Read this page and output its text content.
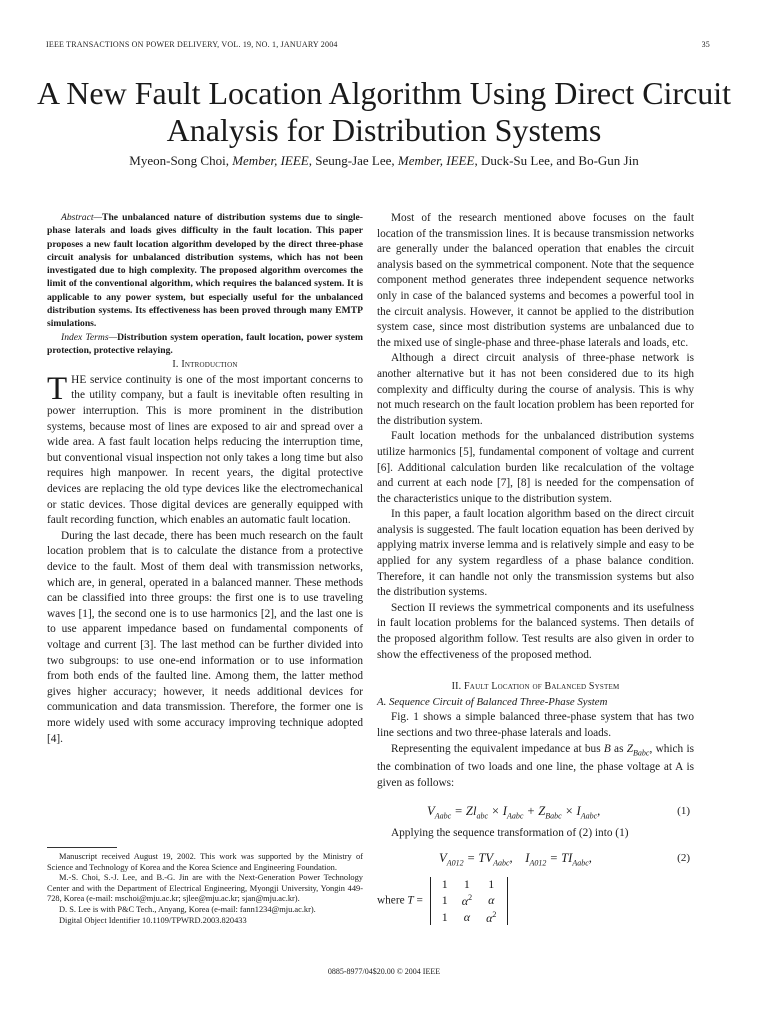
IEEE TRANSACTIONS ON POWER DELIVERY, VOL. 19, NO. 1, JANUARY 2004	35
A New Fault Location Algorithm Using Direct Circuit Analysis for Distribution Systems
Myeon-Song Choi, Member, IEEE, Seung-Jae Lee, Member, IEEE, Duck-Su Lee, and Bo-Gun Jin

Abstract—The unbalanced nature of distribution systems due to single-phase laterals and loads gives difficulty in the fault location. This paper proposes a new fault location algorithm developed by the direct three-phase circuit analysis for unbalanced distribution systems, which has not been investigated due to high complexity. The proposed algorithm overcomes the limit of the conventional algorithm, which requires the balanced system. It is applicable to any power system, but especially useful for the unbalanced distribution systems. Its effectiveness has been proved through many EMTP simulations.

Index Terms—Distribution system operation, fault location, power system protection, protective relaying.

I. Introduction

THE service continuity is one of the most important concerns to the utility company, but a fault is inevitable often resulting in power interruption. This is more prominent in the distribution systems, because most of lines are exposed to air and spread over a wide area. A fast fault location helps reducing the interruption time, but conventional visual inspection not only takes a long time but also requires high manpower. In recent years, the digital protective devices are replacing the old type devices like the electromechanical or static devices. Those digital devices are generally equipped with fault recording function, which enables an automatic fault location.

During the last decade, there has been much research on the fault location problem that is to calculate the distance from a protective device to the fault. Most of them deal with transmission networks, which are, in general, operated in a balanced manner. These methods can be classified into three groups: the first one is to use traveling waves [1], the second one is to use harmonics [2], and the last one is to use apparent impedance based on fundamental components of voltage and current [3]. The last method can be further divided into two subgroups: to use one-end information or to use information from both ends of the faulted line. Among them, the latter method gives higher accuracy; however, it needs additional devices for communication and data transmission. Therefore, the former one is more widely used with some accuracy improving technique adopted [4].

Manuscript received August 19, 2002. This work was supported by the Ministry of Science and Technology of Korea and the Korea Science and Engineering Foundation.

M.-S. Choi, S.-J. Lee, and B.-G. Jin are with the Next-Generation Power Technology Center and with the Department of Electrical Engineering, Myongji University, Yongin 449-728, Korea (e-mail: mschoi@mju.ac.kr; sjlee@mju.ac.kr; sjan@mju.ac.kr).

D. S. Lee is with P&C Tech., Anyang, Korea (e-mail: fann1234@mju.ac.kr).

Digital Object Identifier 10.1109/TPWRD.2003.820433

Most of the research mentioned above focuses on the fault location of the transmission lines. It is because transmission networks are generally under the balanced operation that enables the circuit analysis based on the symmetrical component. Note that the sequence component method generates three independent sequence networks only in case of the balanced systems and becomes a powerful tool in the circuit analysis. However, it cannot be applied to the distribution system case, since most distribution systems are unbalanced due to the mixed use of single-phase and three-phase laterals and loads, etc.

Although a direct circuit analysis of three-phase network is another alternative but it has not been considered due to its high complexity and difficulty during the course of analysis. This is why not much research on the fault location problem has been reported for the distribution system.

Fault location methods for the unbalanced distribution systems utilize harmonics [5], fundamental component of voltage and current [6]. Additional calculation burden like recalculation of the voltage and current at each node [7], [8] is needed for the compensation of the characteristics unique to the distribution system.

In this paper, a fault location algorithm based on the direct circuit analysis is suggested. The fault location equation has been derived by applying matrix inverse lemma and is relatively simple and easy to be applied for any system regardless of a phase balance condition. Therefore, it can handle not only the transmission systems but also the distribution systems.

Section II reviews the symmetrical components and its usefulness in fault location problems for the balanced systems. Then details of the proposed algorithm follow. Test results are also given in order to show the effectiveness of the proposed method.

II. Fault Location of Balanced System

A. Sequence Circuit of Balanced Three-Phase System

Fig. 1 shows a simple balanced three-phase system that has two line sections and two three-phase laterals and loads.

Representing the equivalent impedance at bus B as $Z_{Babc}$, which is the combination of two loads and one line, the phase voltage at A is given as follows:

$V_{Aabc} = Zl_{abc} \times I_{Aabc} + Z_{Babc} \times I_{Aabc}$,	(1)

Applying the sequence transformation of (2) into (1)

$V_{A012} = TV_{Aabc}$,    $I_{A012} = TI_{Aabc}$,	(2)
where T = 1	1	1
1	$\alpha^2$	α
1	α	$\alpha^2$
0885-8977/04$20.00 © 2004 IEEE
